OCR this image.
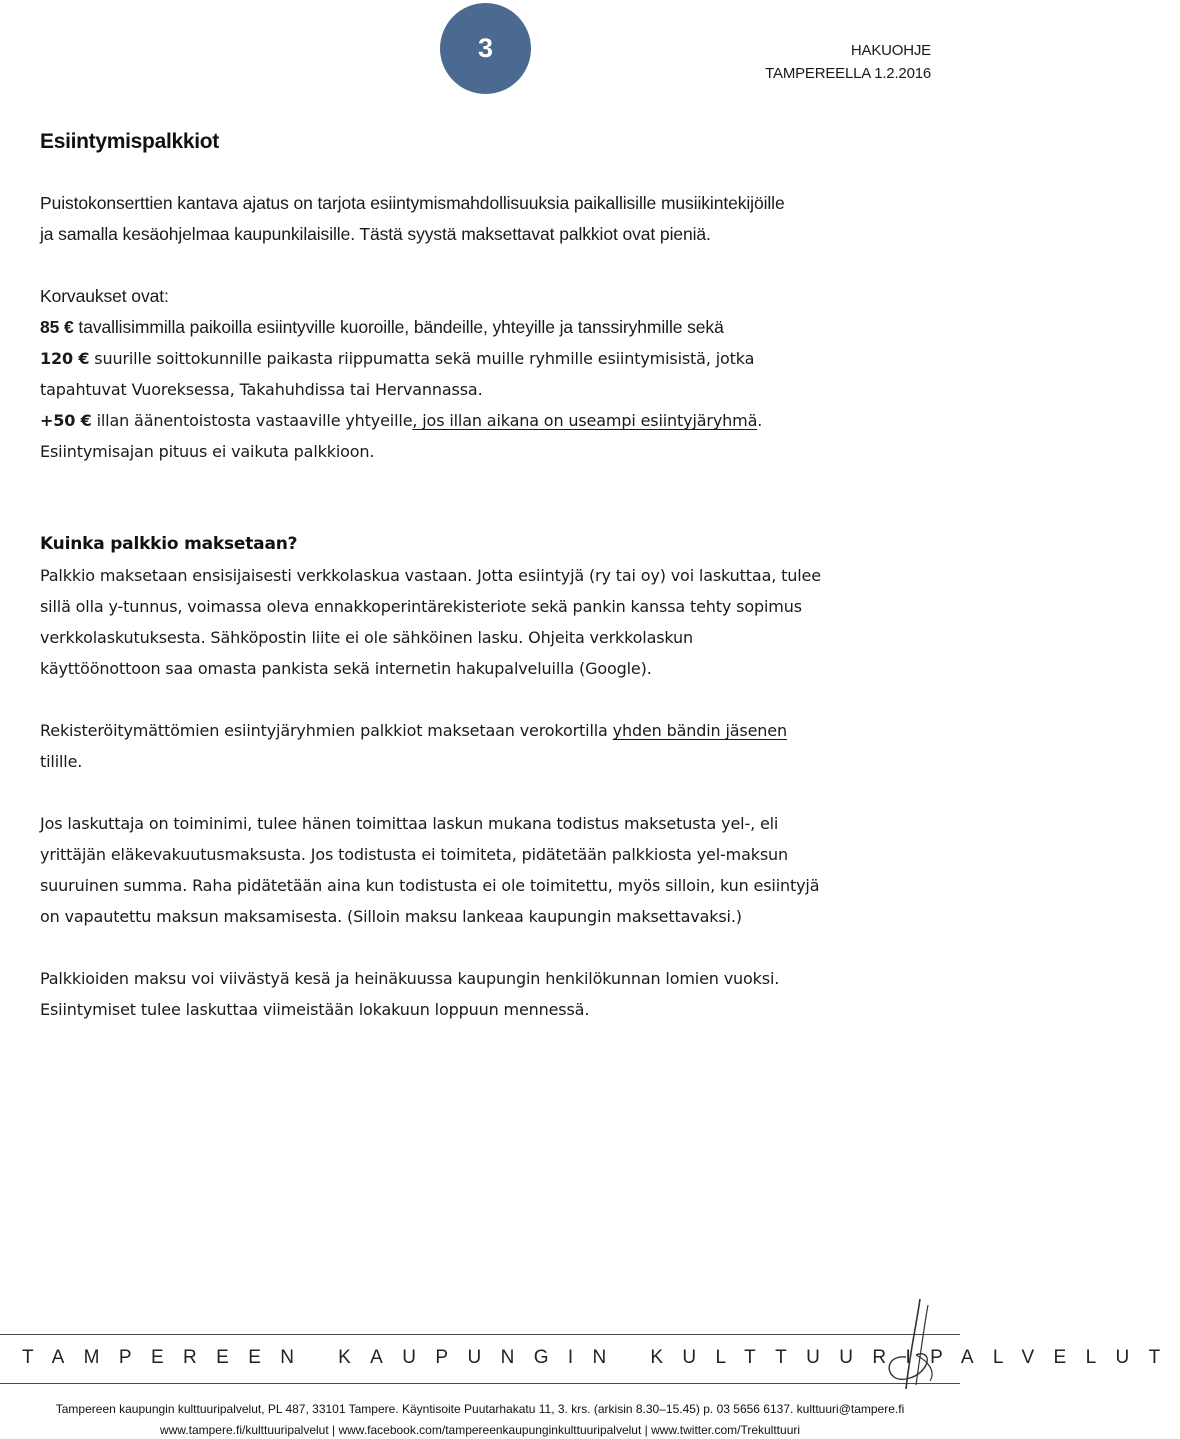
3	HAKUOHJE
TAMPEREELLA 1.2.2016
Esiintymispalkkiot

Puistokonserttien kantava ajatus on tarjota esiintymismahdollisuuksia paikallisille musiikintekijöille

ja samalla kesäohjelmaa kaupunkilaisille. Tästä syystä maksettavat palkkiot ovat pieniä.

Korvaukset ovat:

85 € tavallisimmilla paikoilla esiintyville kuoroille, bändeille, yhteyille ja tanssiryhmille sekä

120 € suurille soittokunnille paikasta riippumatta sekä muille ryhmille esiintymisistä, jotka

tapahtuvat Vuoreksessa, Takahuhdissa tai Hervannassa.

+50 € illan äänentoistosta vastaaville yhtyeille, jos illan aikana on useampi esiintyjäryhmä.

Esiintymisajan pituus ei vaikuta palkkioon.

Kuinka palkkio maksetaan?

Palkkio maksetaan ensisijaisesti verkkolaskua vastaan. Jotta esiintyjä (ry tai oy) voi laskuttaa, tulee

sillä olla y-tunnus, voimassa oleva ennakkoperintärekisteriote sekä pankin kanssa tehty sopimus

verkkolaskutuksesta. Sähköpostin liite ei ole sähköinen lasku. Ohjeita verkkolaskun

käyttöönottoon saa omasta pankista sekä internetin hakupalveluilla (Google).

Rekisteröitymättömien esiintyjäryhmien palkkiot maksetaan verokortilla yhden bändin jäsenen

tilille.

Jos laskuttaja on toiminimi, tulee hänen toimittaa laskun mukana todistus maksetusta yel-, eli

yrittäjän eläkevakuutusmaksusta. Jos todistusta ei toimiteta, pidätetään palkkiosta yel-maksun

suuruinen summa. Raha pidätetään aina kun todistusta ei ole toimitettu, myös silloin, kun esiintyjä

on vapautettu maksun maksamisesta. (Silloin maksu lankeaa kaupungin maksettavaksi.)

Palkkioiden maksu voi viivästyä kesä ja heinäkuussa kaupungin henkilökunnan lomien vuoksi.

Esiintymiset tulee laskuttaa viimeistään lokakuun loppuun mennessä.

TAMPEREEN KAUPUNGIN KULTTUURIPALVELUT
Tampereen kaupungin kulttuuripalvelut, PL 487, 33101 Tampere. Käyntisoite Puutarhakatu 11, 3. krs. (arkisin 8.30–15.45) p. 03 5656 6137. kulttuuri@tampere.fi
www.tampere.fi/kulttuuripalvelut | www.facebook.com/tampereenkaupunginkulttuuripalvelut | www.twitter.com/Trekulttuuri
